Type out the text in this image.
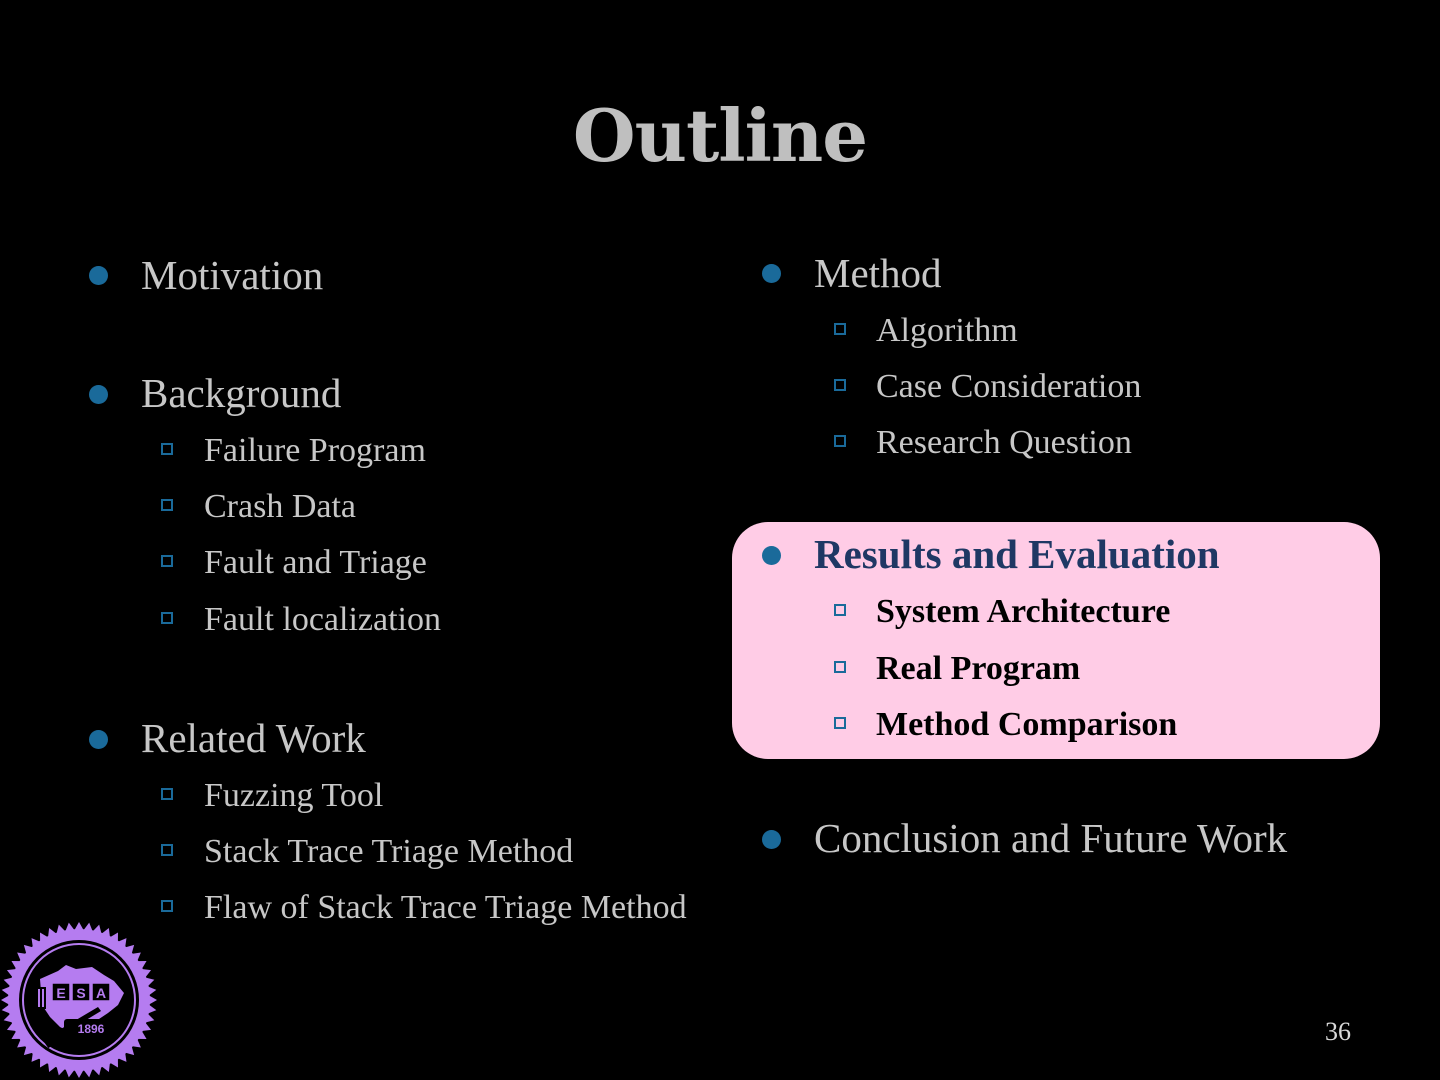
Outline
Motivation
Background
Failure Program
Crash Data
Fault and Triage
Fault localization
Related Work
Fuzzing Tool
Stack Trace Triage Method
Flaw of Stack Trace Triage Method
Method
Algorithm
Case Consideration
Research Question
Results and Evaluation
System Architecture
Real Program
Method Comparison
Conclusion and Future Work
E S A
1896	36
